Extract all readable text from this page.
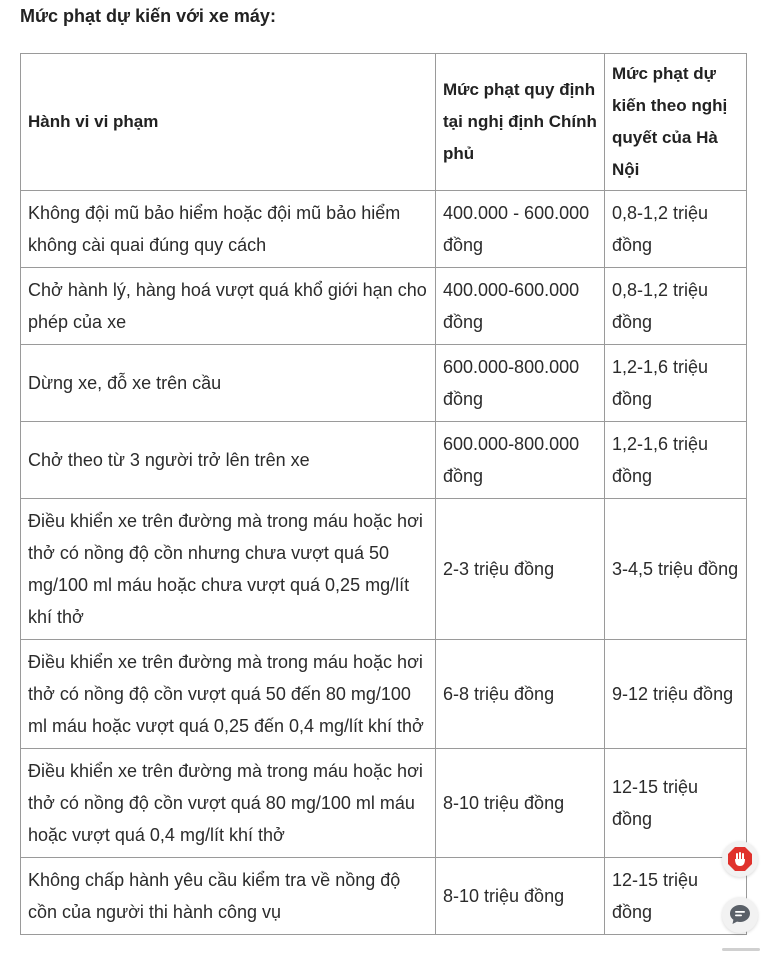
Mức phạt dự kiến với xe máy:
Hành vi vi phạm	Mức phạt quy định tại nghị định Chính phủ	Mức phạt dự kiến theo nghị quyết của Hà Nội
Không đội mũ bảo hiểm hoặc đội mũ bảo hiểm không cài quai đúng quy cách	400.000 - 600.000 đồng	0,8-1,2 triệu đồng
Chở hành lý, hàng hoá vượt quá khổ giới hạn cho phép của xe	400.000-600.000 đồng	0,8-1,2 triệu đồng
Dừng xe, đỗ xe trên cầu	600.000-800.000 đồng	1,2-1,6 triệu đồng
Chở theo từ 3 người trở lên trên xe	600.000-800.000 đồng	1,2-1,6 triệu đồng
Điều khiển xe trên đường mà trong máu hoặc hơi thở có nồng độ cồn nhưng chưa vượt quá 50 mg/100 ml máu hoặc chưa vượt quá 0,25 mg/lít khí thở	2-3 triệu đồng	3-4,5 triệu đồng
Điều khiển xe trên đường mà trong máu hoặc hơi thở có nồng độ cồn vượt quá 50 đến 80 mg/100 ml máu hoặc vượt quá 0,25 đến 0,4 mg/lít khí thở	6-8 triệu đồng	9-12 triệu đồng
Điều khiển xe trên đường mà trong máu hoặc hơi thở có nồng độ cồn vượt quá 80 mg/100 ml máu hoặc vượt quá 0,4 mg/lít khí thở	8-10 triệu đồng	12-15 triệu đồng
Không chấp hành yêu cầu kiểm tra về nồng độ cồn của người thi hành công vụ	8-10 triệu đồng	12-15 triệu đồng
